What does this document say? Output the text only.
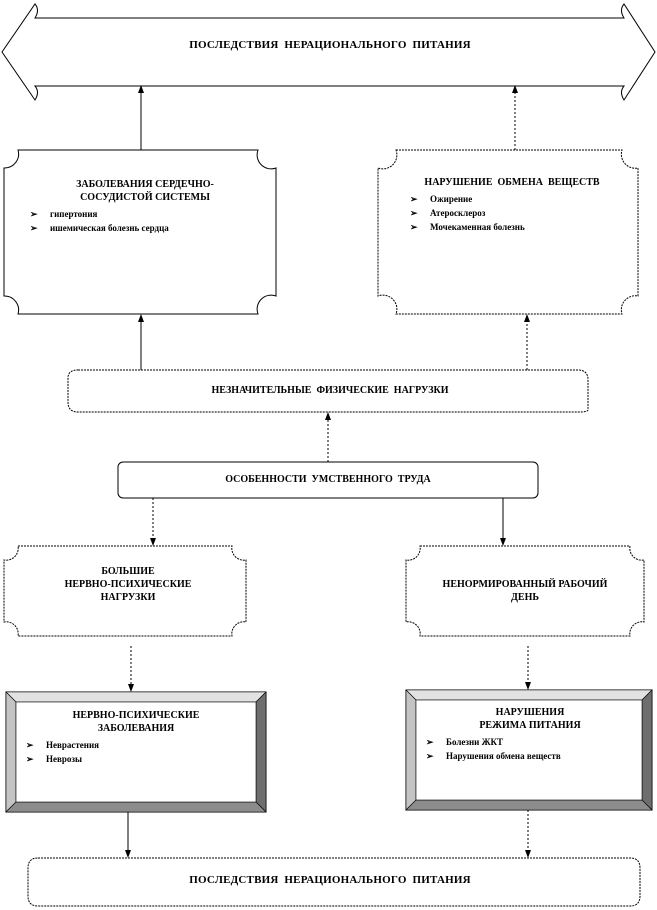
ПОСЛЕДСТВИЯ  НЕРАЦИОНАЛЬНОГО  ПИТАНИЯ
ЗАБОЛЕВАНИЯ СЕРДЕЧНО-
СОСУДИСТОЙ СИСТЕМЫ
➢ гипертония
➢ ишемическая болезнь сердца
НАРУШЕНИЕ  ОБМЕНА  ВЕЩЕСТВ
➢ Ожирение
➢ Атеросклероз
➢ Мочекаменная болезнь
НЕЗНАЧИТЕЛЬНЫЕ  ФИЗИЧЕСКИЕ  НАГРУЗКИ
ОСОБЕННОСТИ  УМСТВЕННОГО  ТРУДА
БОЛЬШИЕ
НЕРВНО-ПСИХИЧЕСКИЕ
НАГРУЗКИ
НЕНОРМИРОВАННЫЙ РАБОЧИЙ
ДЕНЬ
НЕРВНО-ПСИХИЧЕСКИЕ
ЗАБОЛЕВАНИЯ
➢ Неврастения
➢ Неврозы
НАРУШЕНИЯ
РЕЖИМА ПИТАНИЯ
➢ Болезни ЖКТ
➢ Нарушения обмена веществ
ПОСЛЕДСТВИЯ  НЕРАЦИОНАЛЬНОГО  ПИТАНИЯ
